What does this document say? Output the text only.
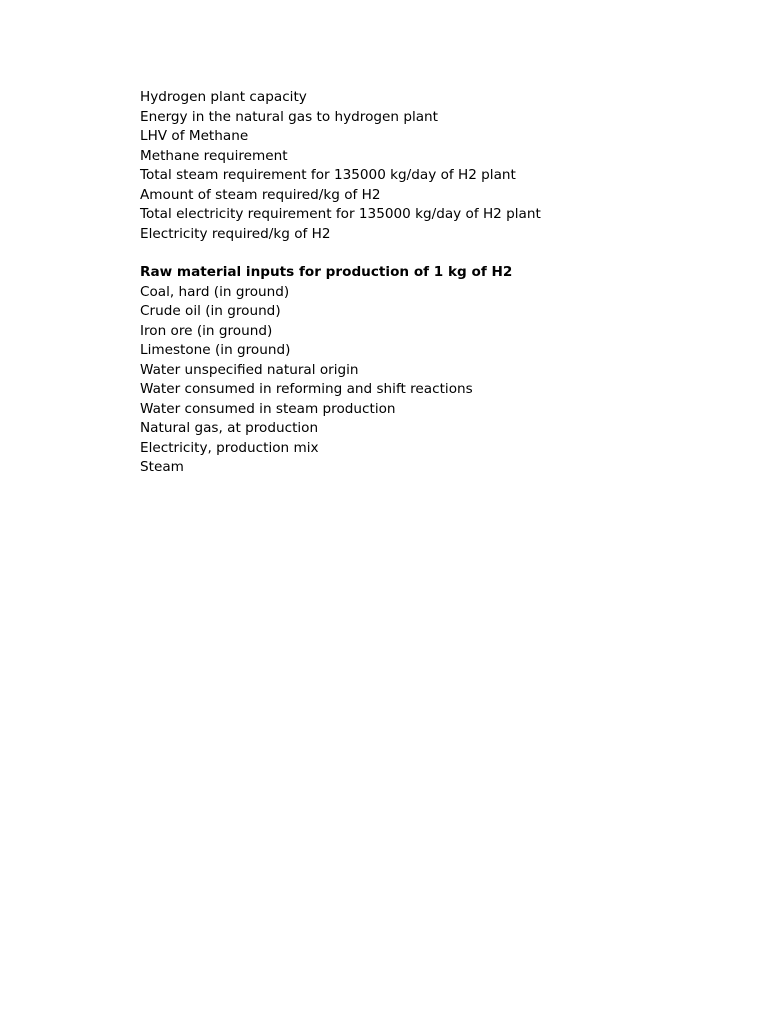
Hydrogen plant capacity
Energy in the natural gas to hydrogen plant
LHV of Methane
Methane requirement
Total steam requirement for 135000 kg/day of H2 plant
Amount of steam required/kg of H2
Total electricity requirement for 135000 kg/day of H2 plant
Electricity required/kg of H2
Raw material inputs for production of 1 kg of H2
Coal, hard (in ground)
Crude oil (in ground)
Iron ore (in ground)
Limestone (in ground)
Water unspecified natural origin
Water consumed in reforming and shift reactions
Water consumed in steam production
Natural gas, at production
Electricity, production mix
Steam
